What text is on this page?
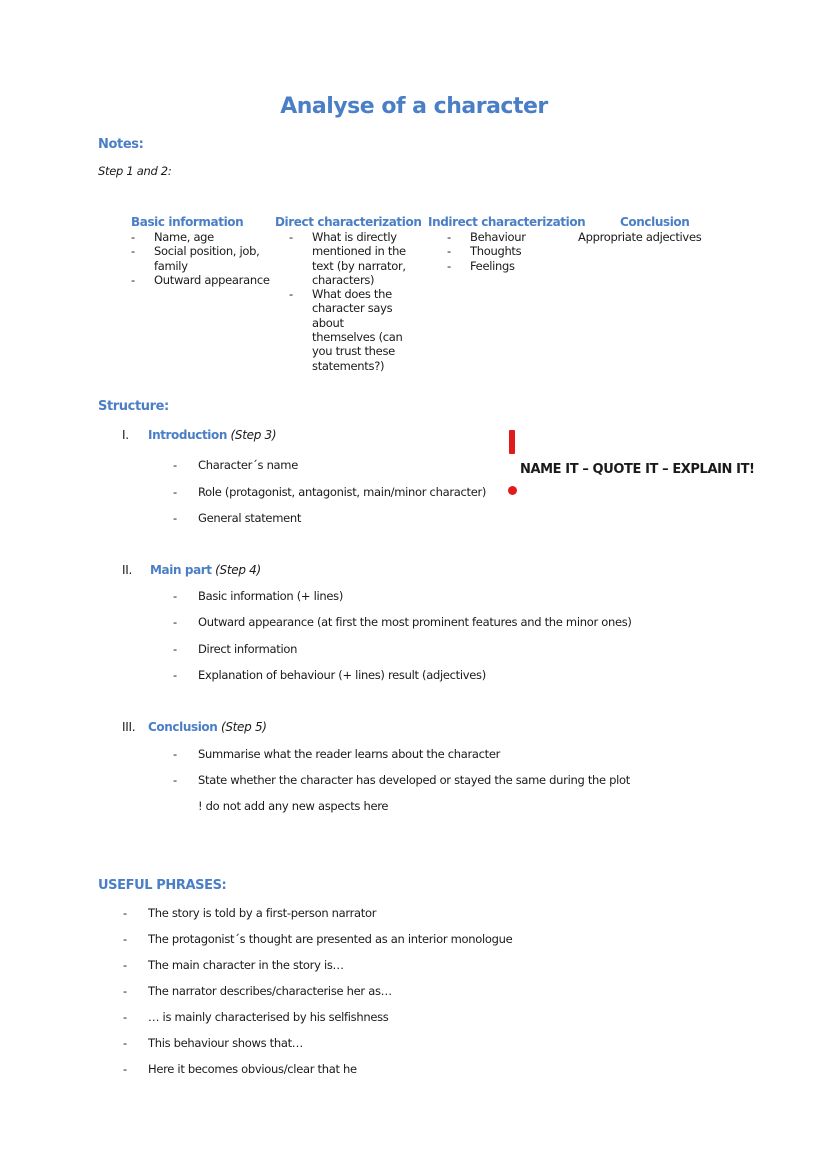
Analyse of a character
Notes:
Step 1 and 2:
Basic information
- Name, age
- Social position, job, family
- Outward appearance
Direct characterization
- What is directly mentioned in the text (by narrator, characters)
- What does the character says about themselves (can you trust these statements?)
Indirect characterization
- Behaviour
- Thoughts
- Feelings
Conclusion
Appropriate adjectives
Structure:
I. Introduction (Step 3)
- Character´s name
- Role (protagonist, antagonist, main/minor character)
- General statement
NAME IT – QUOTE IT – EXPLAIN IT!
II. Main part (Step 4)
- Basic information (+ lines)
- Outward appearance (at first the most prominent features and the minor ones)
- Direct information
- Explanation of behaviour (+ lines) result (adjectives)
III. Conclusion (Step 5)
- Summarise what the reader learns about the character
- State whether the character has developed or stayed the same during the plot
! do not add any new aspects here
USEFUL PHRASES:
- The story is told by a first-person narrator
- The protagonist´s thought are presented as an interior monologue
- The main character in the story is…
- The narrator describes/characterise her as…
- … is mainly characterised by his selfishness
- This behaviour shows that…
- Here it becomes obvious/clear that he
